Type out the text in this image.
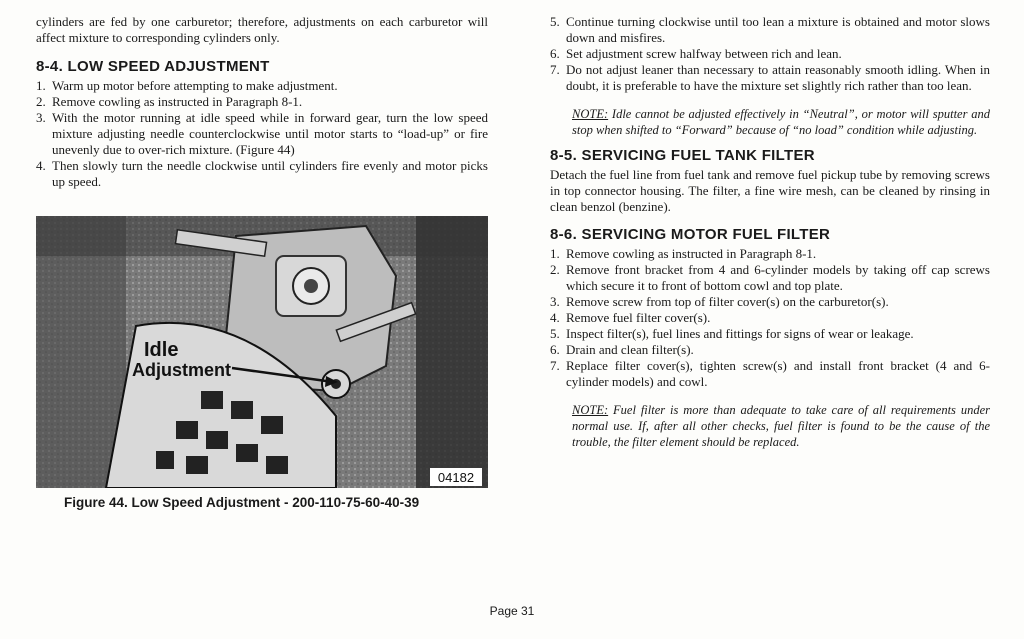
cylinders are fed by one carburetor; therefore, adjustments on each carburetor will affect mixture to corresponding cylinders only.

8-4. LOW SPEED ADJUSTMENT
1. Warm up motor before attempting to make adjustment.
2. Remove cowling as instructed in Paragraph 8-1.
3. With the motor running at idle speed while in forward gear, turn the low speed mixture adjusting needle counterclockwise until motor starts to “load-up” or fire unevenly due to over-rich mixture. (Figure 44)
4. Then slowly turn the needle clockwise until cylinders fire evenly and motor picks up speed.
Idle
Adjustment
04182
Figure 44. Low Speed Adjustment - 200-110-75-60-40-39
5. Continue turning clockwise until too lean a mixture is obtained and motor slows down and misfires.
6. Set adjustment screw halfway between rich and lean.
7. Do not adjust leaner than necessary to attain reasonably smooth idling. When in doubt, it is preferable to have the mixture set slightly rich rather than too lean.

NOTE: Idle cannot be adjusted effectively in “Neutral”, or motor will sputter and stop when shifted to “Forward” because of “no load” condition while adjusting.

8-5. SERVICING FUEL TANK FILTER

Detach the fuel line from fuel tank and remove fuel pickup tube by removing screws in top connector housing. The filter, a fine wire mesh, can be cleaned by rinsing in clean benzol (benzine).

8-6. SERVICING MOTOR FUEL FILTER
1. Remove cowling as instructed in Paragraph 8-1.
2. Remove front bracket from 4 and 6-cylinder models by taking off cap screws which secure it to front of bottom cowl and top plate.
3. Remove screw from top of filter cover(s) on the carburetor(s).
4. Remove fuel filter cover(s).
5. Inspect filter(s), fuel lines and fittings for signs of wear or leakage.
6. Drain and clean filter(s).
7. Replace filter cover(s), tighten screw(s) and install front bracket (4 and 6-cylinder models) and cowl.

NOTE: Fuel filter is more than adequate to take care of all requirements under normal use. If, after all other checks, fuel filter is found to be the cause of the trouble, the filter element should be replaced.

Page 31
